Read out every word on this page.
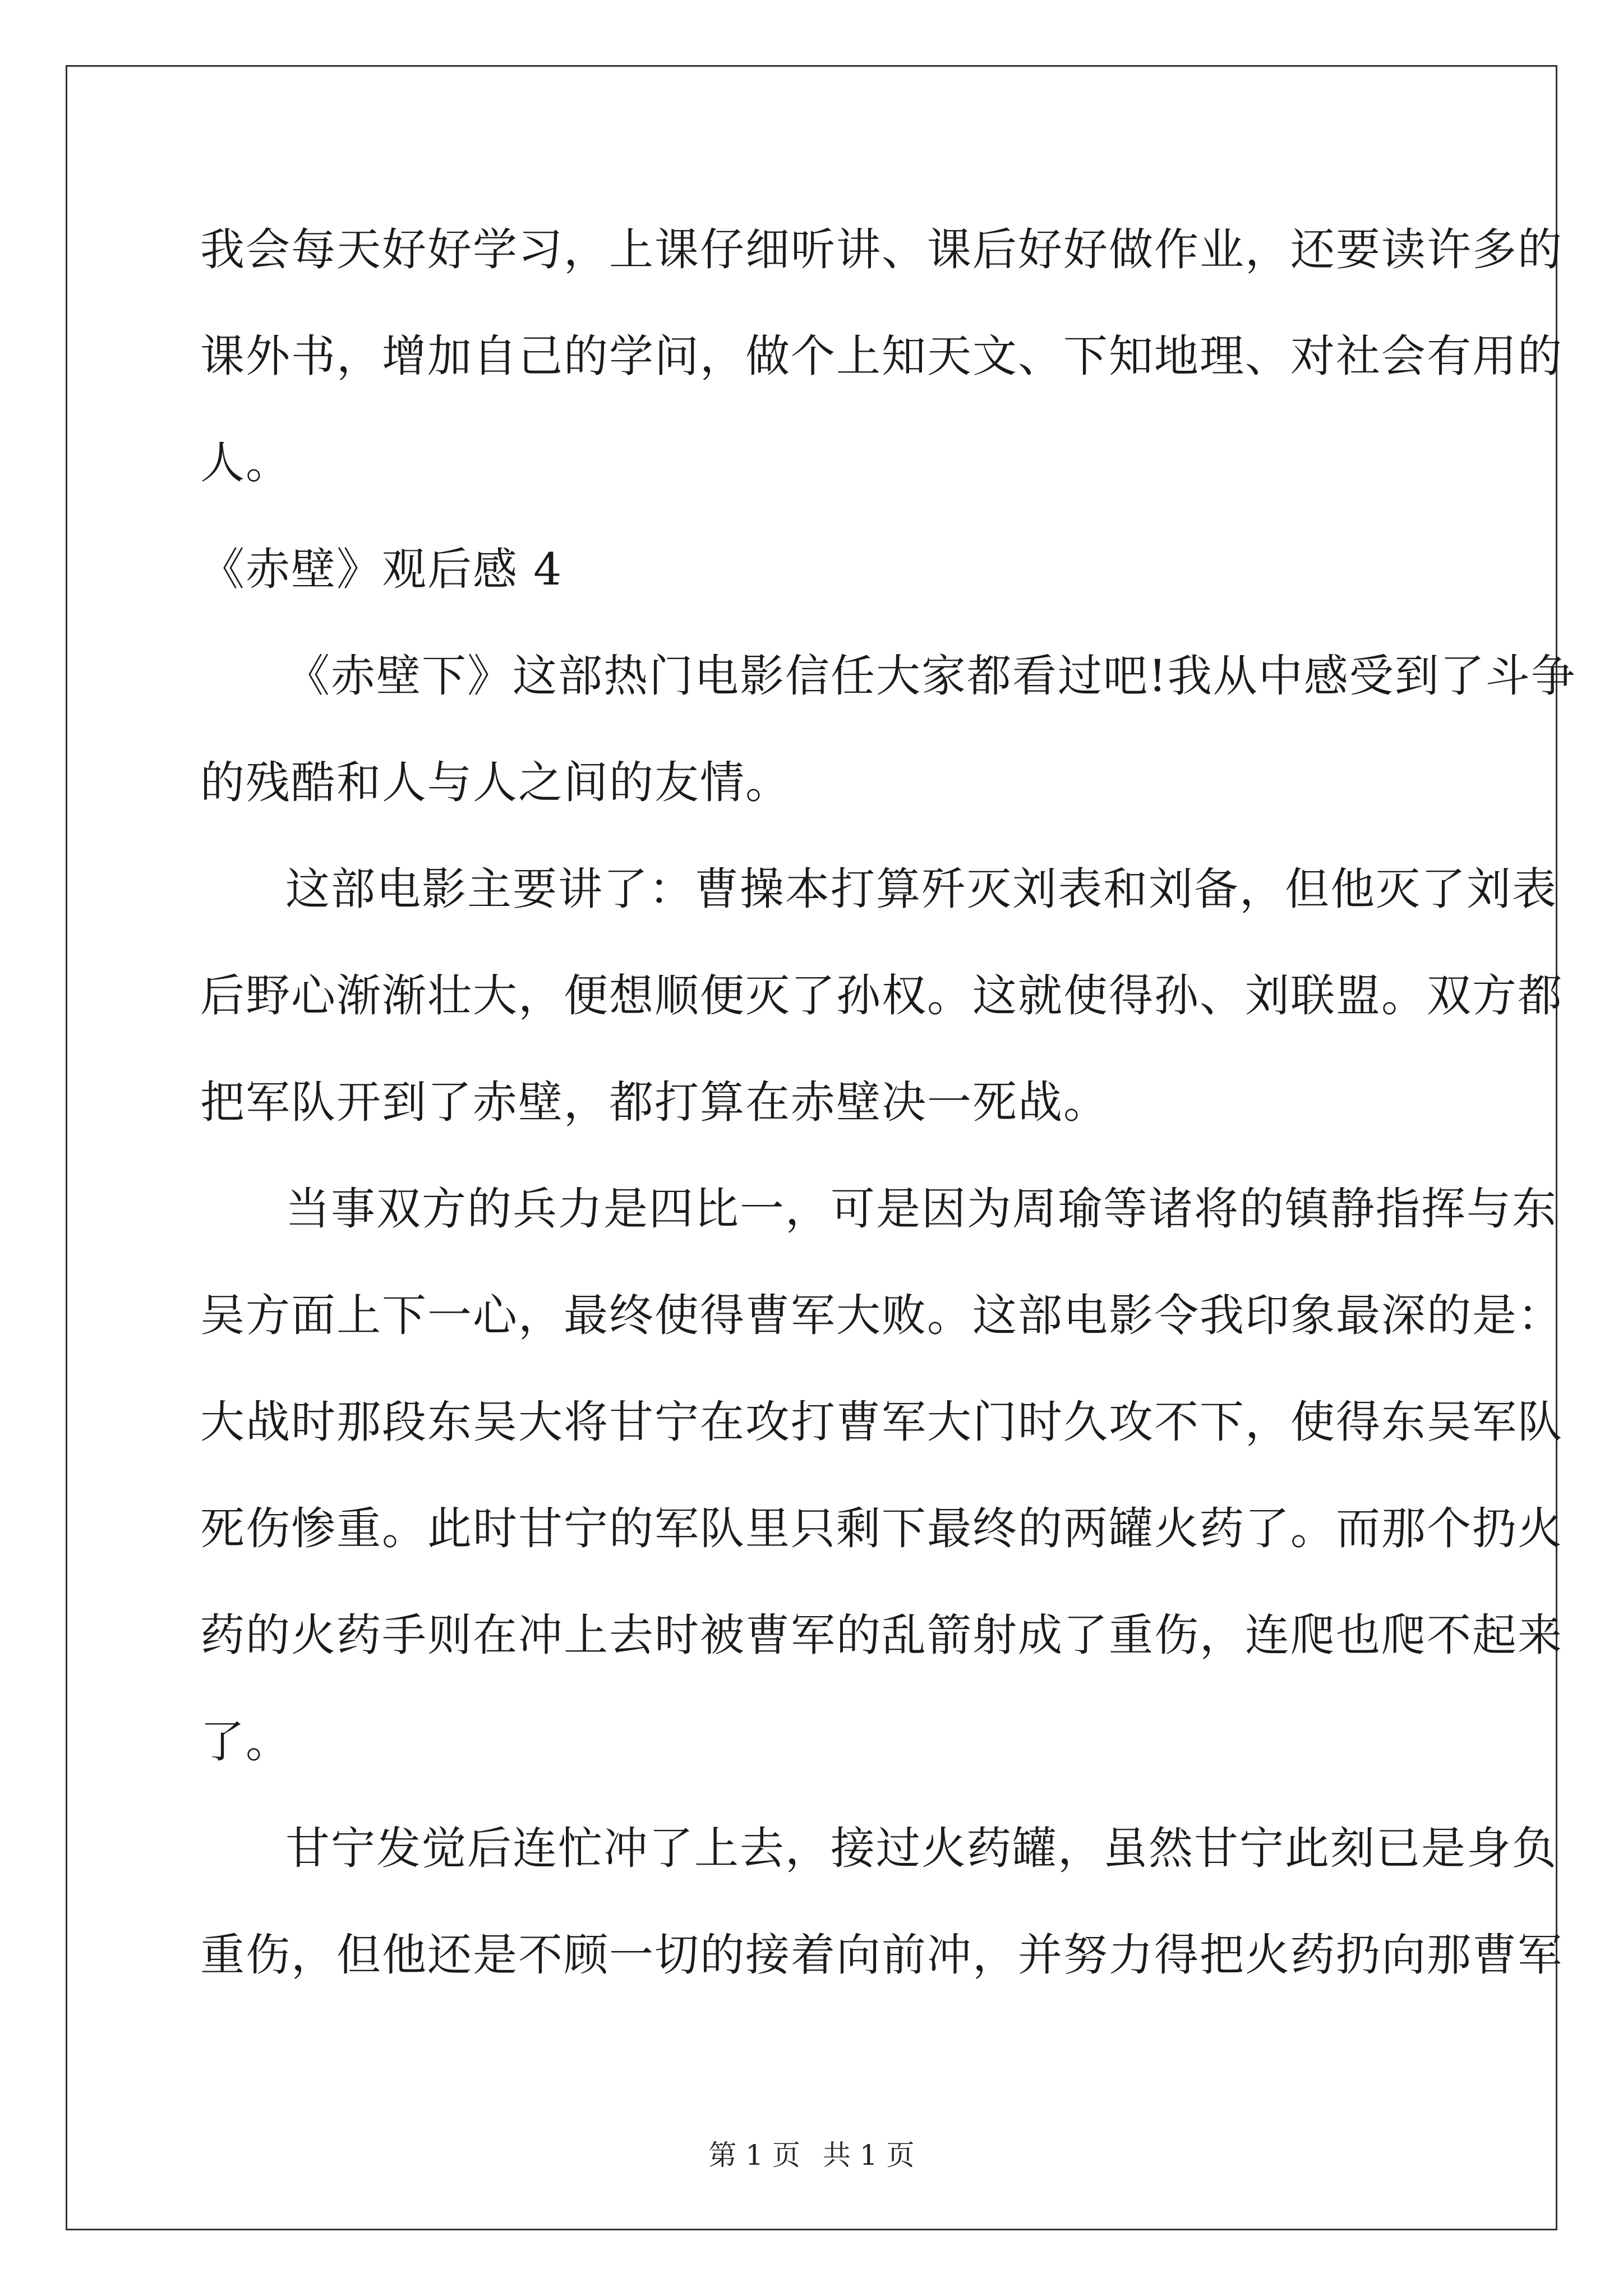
我会每天好好学习，上课仔细听讲、课后好好做作业，还要读许多的
课外书，增加自己的学问，做个上知天文、下知地理、对社会有用的
人。
《赤壁》观后感 4
《赤壁下》这部热门电影信任大家都看过吧!我从中感受到了斗争
的残酷和人与人之间的友情。
这部电影主要讲了：曹操本打算歼灭刘表和刘备，但他灭了刘表
后野心渐渐壮大，便想顺便灭了孙权。这就使得孙、刘联盟。双方都
把军队开到了赤壁，都打算在赤壁决一死战。
当事双方的兵力是四比一，可是因为周瑜等诸将的镇静指挥与东
吴方面上下一心，最终使得曹军大败。这部电影令我印象最深的是：
大战时那段东吴大将甘宁在攻打曹军大门时久攻不下，使得东吴军队
死伤惨重。此时甘宁的军队里只剩下最终的两罐火药了。而那个扔火
药的火药手则在冲上去时被曹军的乱箭射成了重伤，连爬也爬不起来
了。
甘宁发觉后连忙冲了上去，接过火药罐，虽然甘宁此刻已是身负
重伤，但他还是不顾一切的接着向前冲，并努力得把火药扔向那曹军
第 1 页 共 1 页
